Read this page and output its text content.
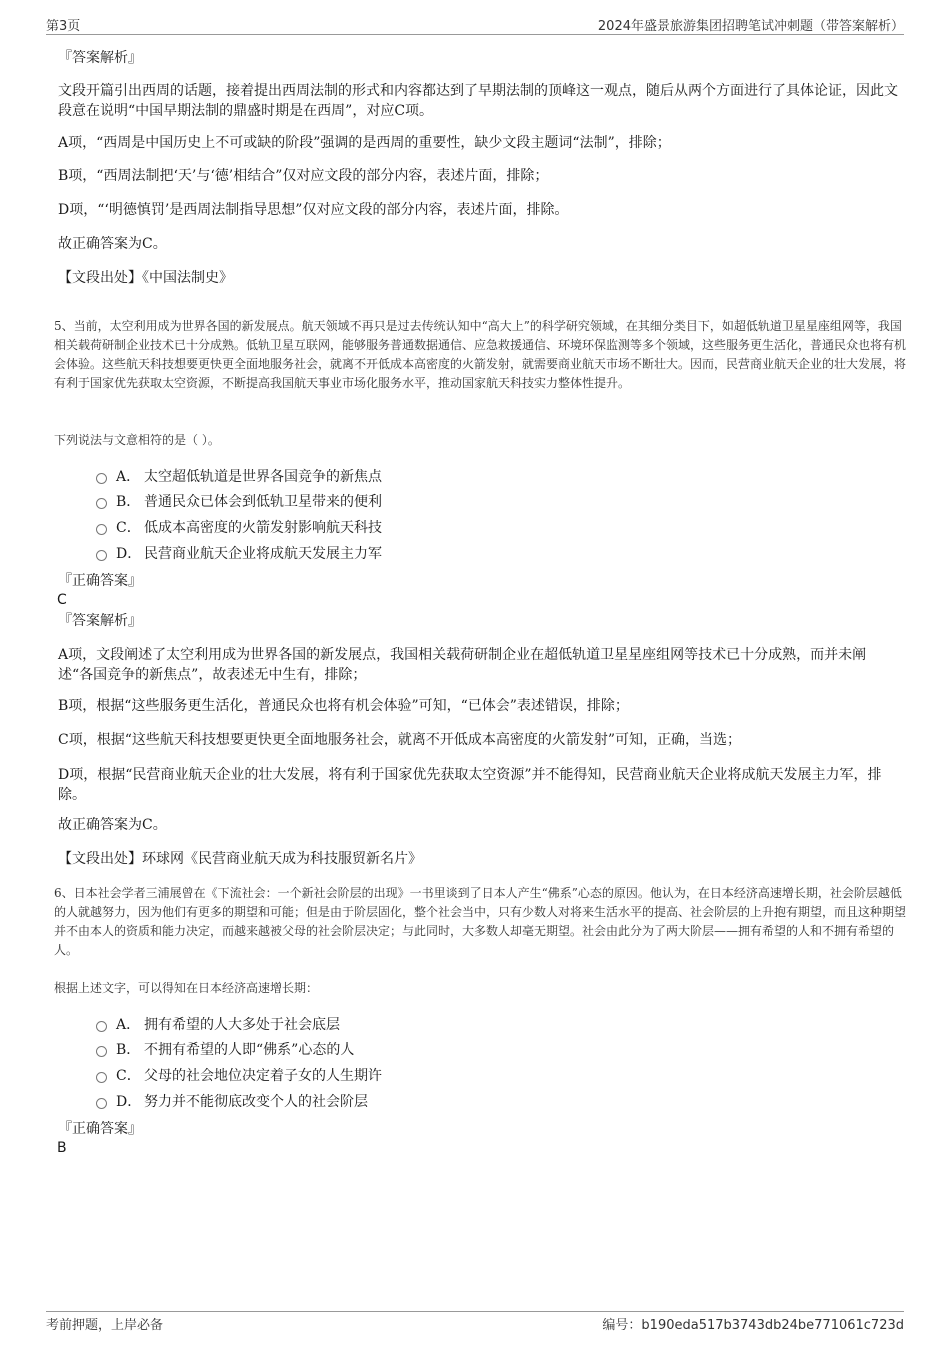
第3页	2024年盛景旅游集团招聘笔试冲刺题（带答案解析）
『答案解析』
文段开篇引出西周的话题，接着提出西周法制的形式和内容都达到了早期法制的顶峰这一观点，随后从两个方面进行了具体论证，因此文段意在说明“中国早期法制的鼎盛时期是在西周”，对应C项。
A项，“西周是中国历史上不可或缺的阶段”强调的是西周的重要性，缺少文段主题词“法制”，排除；
B项，“西周法制把‘天’与‘德’相结合”仅对应文段的部分内容，表述片面，排除；
D项，“‘明德慎罚’是西周法制指导思想”仅对应文段的部分内容，表述片面，排除。
故正确答案为C。
【文段出处】《中国法制史》
5、当前，太空利用成为世界各国的新发展点。航天领域不再只是过去传统认知中“高大上”的科学研究领域，在其细分类目下，如超低轨道卫星星座组网等，我国相关载荷研制企业技术已十分成熟。低轨卫星互联网，能够服务普通数据通信、应急救援通信、环境环保监测等多个领域，这些服务更生活化，普通民众也将有机会体验。这些航天科技想要更快更全面地服务社会，就离不开低成本高密度的火箭发射，就需要商业航天市场不断壮大。因而，民营商业航天企业的壮大发展，将有利于国家优先获取太空资源，不断提高我国航天事业市场化服务水平，推动国家航天科技实力整体性提升。
下列说法与文意相符的是（ ）。
A． 太空超低轨道是世界各国竞争的新焦点
B． 普通民众已体会到低轨卫星带来的便利
C． 低成本高密度的火箭发射影响航天科技
D． 民营商业航天企业将成航天发展主力军
『正确答案』
C
『答案解析』
A项，文段阐述了太空利用成为世界各国的新发展点，我国相关载荷研制企业在超低轨道卫星星座组网等技术已十分成熟，而并未阐述“各国竞争的新焦点”，故表述无中生有，排除；
B项，根据“这些服务更生活化，普通民众也将有机会体验”可知，“已体会”表述错误，排除；
C项，根据“这些航天科技想要更快更全面地服务社会，就离不开低成本高密度的火箭发射”可知，正确，当选；
D项，根据“民营商业航天企业的壮大发展，将有利于国家优先获取太空资源”并不能得知，民营商业航天企业将成航天发展主力军，排除。
故正确答案为C。
【文段出处】环球网《民营商业航天成为科技服贸新名片》
6、日本社会学者三浦展曾在《下流社会：一个新社会阶层的出现》一书里谈到了日本人产生“佛系”心态的原因。他认为，在日本经济高速增长期，社会阶层越低的人就越努力，因为他们有更多的期望和可能；但是由于阶层固化，整个社会当中，只有少数人对将来生活水平的提高、社会阶层的上升抱有期望，而且这种期望并不由本人的资质和能力决定，而越来越被父母的社会阶层决定；与此同时，大多数人却毫无期望。社会由此分为了两大阶层——拥有希望的人和不拥有希望的人。
根据上述文字，可以得知在日本经济高速增长期：
A． 拥有希望的人大多处于社会底层
B． 不拥有希望的人即“佛系”心态的人
C． 父母的社会地位决定着子女的人生期许
D． 努力并不能彻底改变个人的社会阶层
『正确答案』
B
考前押题，上岸必备	编号：b190eda517b3743db24be771061c723d
